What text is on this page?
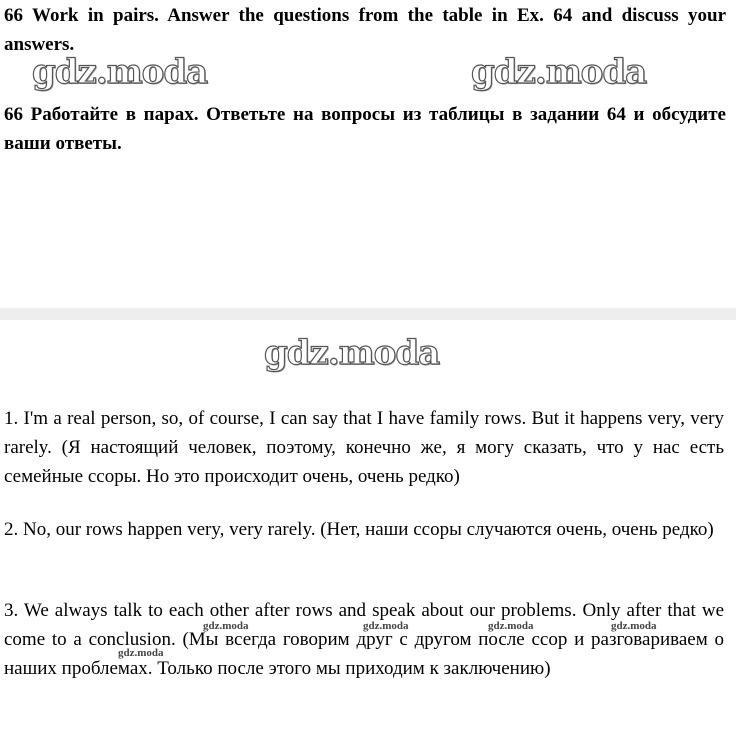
66 Work in pairs. Answer the questions from the table in Ex. 64 and discuss your answers.

gdz.moda	gdz.moda

66 Работайте в парах. Ответьте на вопросы из таблицы в задании 64 и обсудите ваши ответы.

gdz.moda

1. I'm a real person, so, of course, I can say that I have family rows. But it happens very, very rarely. (Я настоящий человек, поэтому, конечно же, я могу сказать, что у нас есть семейные ссоры. Но это происходит очень, очень редко)

2. No, our rows happen very, very rarely. (Нет, наши ссоры случаются очень, очень редко)

3. We always talk to each other after rows and speak about our problems. Only after that we come to a conclusion. (Мы всегда говорим друг с другом после ссор и разговариваем о наших проблемах. Только после этого мы приходим к заключению)

gdz.moda	gdz.moda	gdz.moda	gdz.moda
gdz.moda
